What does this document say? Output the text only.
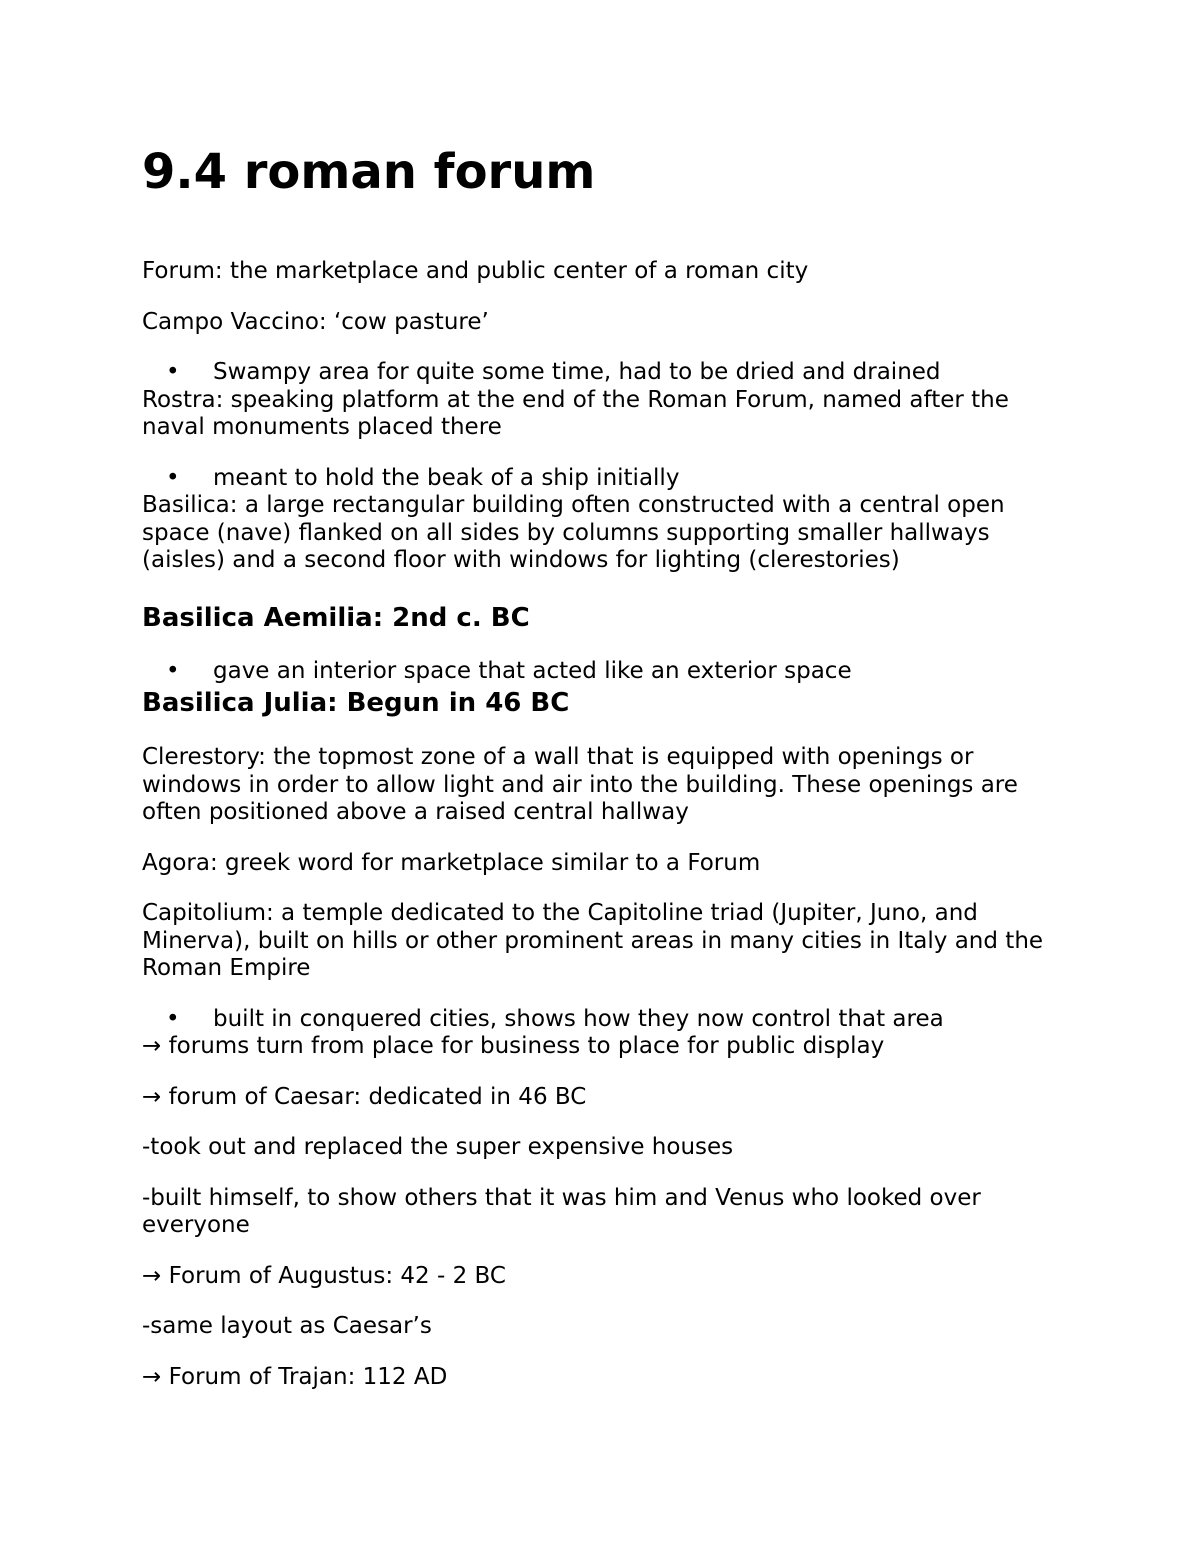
9.4 roman forum

Forum: the marketplace and public center of a roman city

Campo Vaccino: ‘cow pasture’

• Swampy area for quite some time, had to be dried and drained

Rostra: speaking platform at the end of the Roman Forum, named after the naval monuments placed there

• meant to hold the beak of a ship initially

Basilica: a large rectangular building often constructed with a central open space (nave) flanked on all sides by columns supporting smaller hallways (aisles) and a second floor with windows for lighting (clerestories)

Basilica Aemilia: 2nd c. BC

• gave an interior space that acted like an exterior space

Basilica Julia: Begun in 46 BC

Clerestory: the topmost zone of a wall that is equipped with openings or windows in order to allow light and air into the building. These openings are often positioned above a raised central hallway

Agora: greek word for marketplace similar to a Forum

Capitolium: a temple dedicated to the Capitoline triad (Jupiter, Juno, and Minerva), built on hills or other prominent areas in many cities in Italy and the Roman Empire

• built in conquered cities, shows how they now control that area

→ forums turn from place for business to place for public display

→ forum of Caesar: dedicated in 46 BC

-took out and replaced the super expensive houses

-built himself, to show others that it was him and Venus who looked over everyone

→ Forum of Augustus: 42 - 2 BC

-same layout as Caesar’s

→ Forum of Trajan: 112 AD
